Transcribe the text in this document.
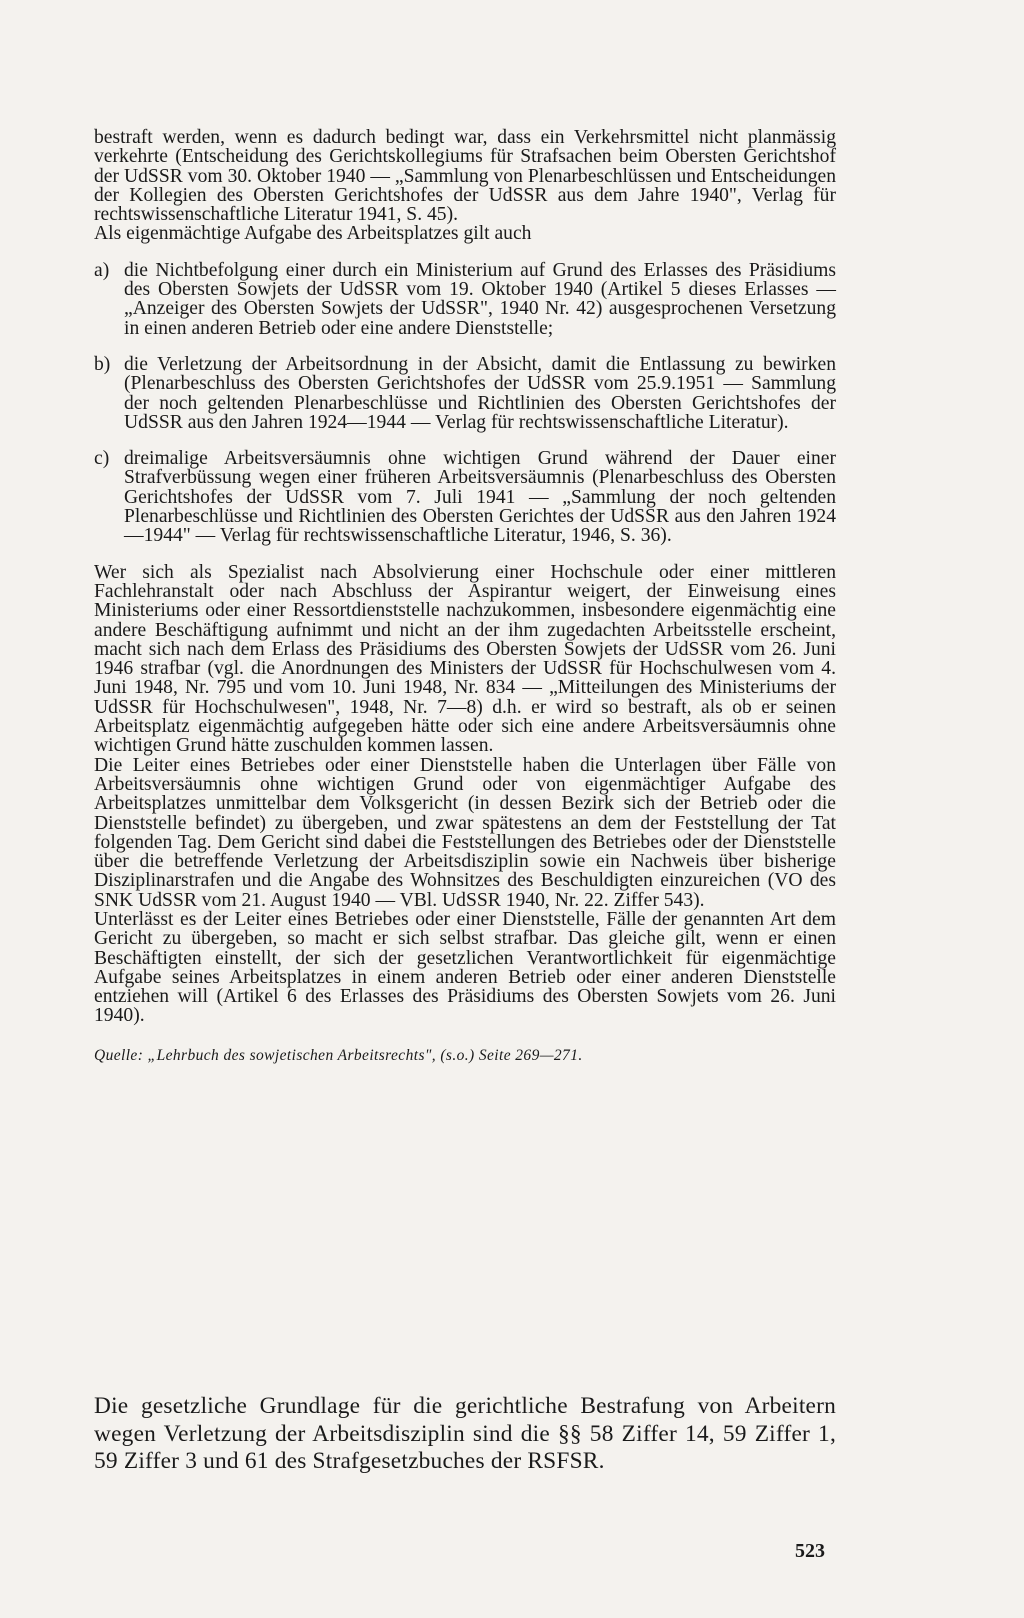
bestraft werden, wenn es dadurch bedingt war, dass ein Verkehrsmittel nicht planmässig verkehrte (Entscheidung des Gerichtskollegiums für Strafsachen beim Obersten Gerichtshof der UdSSR vom 30. Oktober 1940 — „Sammlung von Plenarbeschlüssen und Entscheidungen der Kollegien des Obersten Gerichtshofes der UdSSR aus dem Jahre 1940", Verlag für rechtswissenschaftliche Literatur 1941, S. 45).

Als eigenmächtige Aufgabe des Arbeitsplatzes gilt auch

a) die Nichtbefolgung einer durch ein Ministerium auf Grund des Erlasses des Präsidiums des Obersten Sowjets der UdSSR vom 19. Oktober 1940 (Artikel 5 dieses Erlasses — „Anzeiger des Obersten Sowjets der UdSSR", 1940 Nr. 42) ausgesprochenen Versetzung in einen anderen Betrieb oder eine andere Dienststelle;
b) die Verletzung der Arbeitsordnung in der Absicht, damit die Entlassung zu bewirken (Plenarbeschluss des Obersten Gerichtshofes der UdSSR vom 25.9.1951 — Sammlung der noch geltenden Plenarbeschlüsse und Richtlinien des Obersten Gerichtshofes der UdSSR aus den Jahren 1924—1944 — Verlag für rechtswissenschaftliche Literatur).
c) dreimalige Arbeitsversäumnis ohne wichtigen Grund während der Dauer einer Strafverbüssung wegen einer früheren Arbeitsversäumnis (Plenarbeschluss des Obersten Gerichtshofes der UdSSR vom 7. Juli 1941 — „Sammlung der noch geltenden Plenarbeschlüsse und Richtlinien des Obersten Gerichtes der UdSSR aus den Jahren 1924 —1944" — Verlag für rechtswissenschaftliche Literatur, 1946, S. 36).

Wer sich als Spezialist nach Absolvierung einer Hochschule oder einer mittleren Fachlehranstalt oder nach Abschluss der Aspirantur weigert, der Einweisung eines Ministeriums oder einer Ressortdienststelle nachzukommen, insbesondere eigenmächtig eine andere Beschäftigung aufnimmt und nicht an der ihm zugedachten Arbeitsstelle erscheint, macht sich nach dem Erlass des Präsidiums des Obersten Sowjets der UdSSR vom 26. Juni 1946 strafbar (vgl. die Anordnungen des Ministers der UdSSR für Hochschulwesen vom 4. Juni 1948, Nr. 795 und vom 10. Juni 1948, Nr. 834 — „Mitteilungen des Ministeriums der UdSSR für Hochschulwesen", 1948, Nr. 7—8) d.h. er wird so bestraft, als ob er seinen Arbeitsplatz eigenmächtig aufgegeben hätte oder sich eine andere Arbeitsversäumnis ohne wichtigen Grund hätte zuschulden kommen lassen.

Die Leiter eines Betriebes oder einer Dienststelle haben die Unterlagen über Fälle von Arbeitsversäumnis ohne wichtigen Grund oder von eigenmächtiger Aufgabe des Arbeitsplatzes unmittelbar dem Volksgericht (in dessen Bezirk sich der Betrieb oder die Dienststelle befindet) zu übergeben, und zwar spätestens an dem der Feststellung der Tat folgenden Tag. Dem Gericht sind dabei die Feststellungen des Betriebes oder der Dienststelle über die betreffende Verletzung der Arbeitsdisziplin sowie ein Nachweis über bisherige Disziplinarstrafen und die Angabe des Wohnsitzes des Beschuldigten einzureichen (VO des SNK UdSSR vom 21. August 1940 — VBl. UdSSR 1940, Nr. 22. Ziffer 543).

Unterlässt es der Leiter eines Betriebes oder einer Dienststelle, Fälle der genannten Art dem Gericht zu übergeben, so macht er sich selbst strafbar. Das gleiche gilt, wenn er einen Beschäftigten einstellt, der sich der gesetzlichen Verantwortlichkeit für eigenmächtige Aufgabe seines Arbeitsplatzes in einem anderen Betrieb oder einer anderen Dienststelle entziehen will (Artikel 6 des Erlasses des Präsidiums des Obersten Sowjets vom 26. Juni 1940).

Quelle: „Lehrbuch des sowjetischen Arbeitsrechts", (s.o.) Seite 269—271.

Die gesetzliche Grundlage für die gerichtliche Bestrafung von Arbeitern wegen Verletzung der Arbeitsdisziplin sind die §§ 58 Ziffer 14, 59 Ziffer 1, 59 Ziffer 3 und 61 des Strafgesetzbuches der RSFSR.

523
